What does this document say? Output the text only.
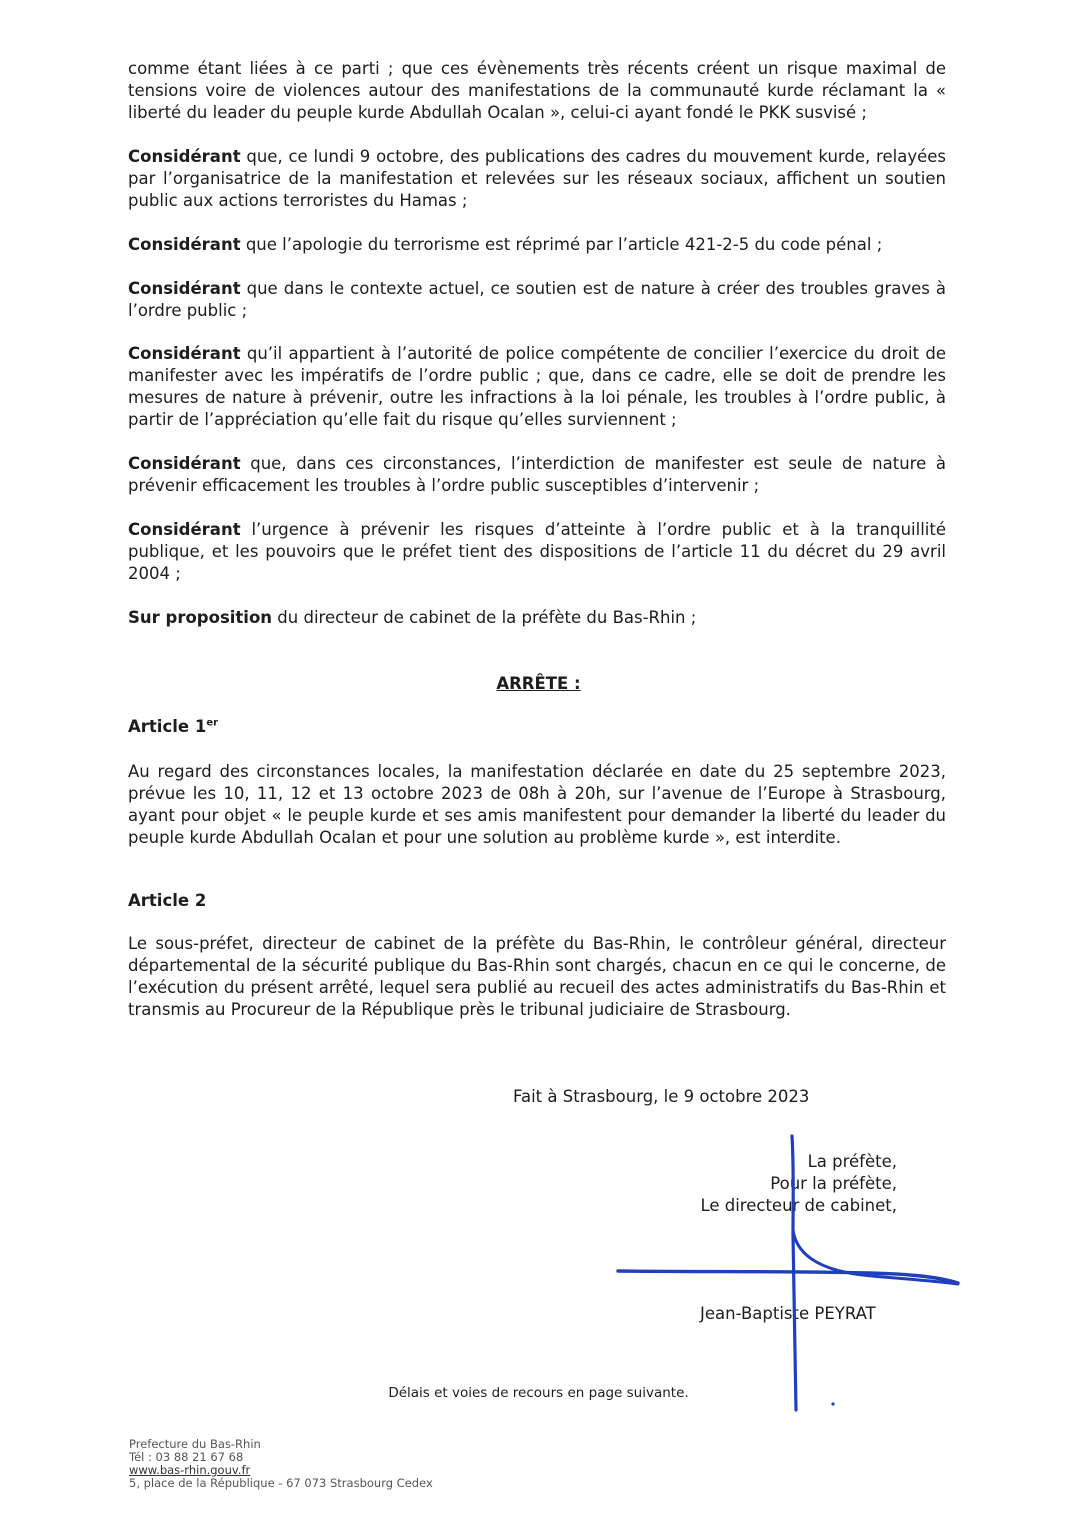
comme étant liées à ce parti ; que ces évènements très récents créent un risque maximal de tensions voire de violences autour des manifestations de la communauté kurde réclamant la « liberté du leader du peuple kurde Abdullah Ocalan », celui-ci ayant fondé le PKK susvisé ;

Considérant que, ce lundi 9 octobre, des publications des cadres du mouvement kurde, relayées par l’organisatrice de la manifestation et relevées sur les réseaux sociaux, affichent un soutien public aux actions terroristes du Hamas ;

Considérant que l’apologie du terrorisme est réprimé par l’article 421-2-5 du code pénal ;

Considérant que dans le contexte actuel, ce soutien est de nature à créer des troubles graves à l’ordre public ;

Considérant qu’il appartient à l’autorité de police compétente de concilier l’exercice du droit de manifester avec les impératifs de l’ordre public ; que, dans ce cadre, elle se doit de prendre les mesures de nature à prévenir, outre les infractions à la loi pénale, les troubles à l’ordre public, à partir de l’appréciation qu’elle fait du risque qu’elles surviennent ;

Considérant que, dans ces circonstances, l’interdiction de manifester est seule de nature à prévenir efficacement les troubles à l’ordre public susceptibles d’intervenir ;

Considérant l’urgence à prévenir les risques d’atteinte à l’ordre public et à la tranquillité publique, et les pouvoirs que le préfet tient des dispositions de l’article 11 du décret du 29 avril 2004 ;

Sur proposition du directeur de cabinet de la préfète du Bas-Rhin ;

ARRÊTE :

Article 1er

Au regard des circonstances locales, la manifestation déclarée en date du 25 septembre 2023, prévue les 10, 11, 12 et 13 octobre 2023 de 08h à 20h, sur l’avenue de l’Europe à Strasbourg, ayant pour objet « le peuple kurde et ses amis manifestent pour demander la liberté du leader du peuple kurde Abdullah Ocalan et pour une solution au problème kurde », est interdite.

Article 2

Le sous-préfet, directeur de cabinet de la préfète du Bas-Rhin, le contrôleur général, directeur départemental de la sécurité publique du Bas-Rhin sont chargés, chacun en ce qui le concerne, de l’exécution du présent arrêté, lequel sera publié au recueil des actes administratifs du Bas-Rhin et transmis au Procureur de la République près le tribunal judiciaire de Strasbourg.

Fait à Strasbourg, le 9 octobre 2023

La préfète,
Pour la préfète,
Le directeur de cabinet,

Jean-Baptiste PEYRAT

Délais et voies de recours en page suivante.

Prefecture du Bas-Rhin
Tél : 03 88 21 67 68
www.bas-rhin.gouv.fr
5, place de la République - 67 073 Strasbourg Cedex
